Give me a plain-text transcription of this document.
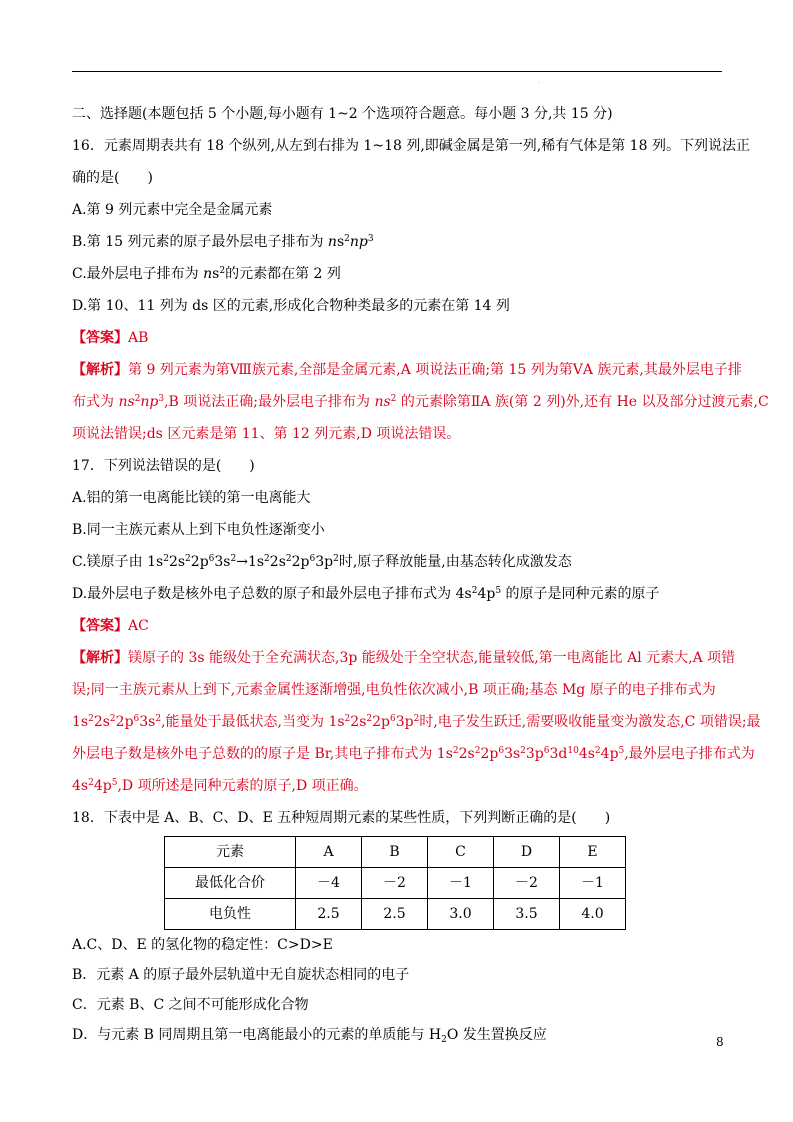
·
二、选择题(本题包括 5 个小题,每小题有 1~2 个选项符合题意。每小题 3 分,共 15 分)
16．元素周期表共有 18 个纵列,从左到右排为 1~18 列,即碱金属是第一列,稀有气体是第 18 列。下列说法正
确的是(　　)
A.第 9 列元素中完全是金属元素
B.第 15 列元素的原子最外层电子排布为 $ns^2np^3$
C.最外层电子排布为 $ns^2$的元素都在第 2 列
D.第 10、11 列为 ds 区的元素,形成化合物种类最多的元素在第 14 列
【答案】AB
【解析】第 9 列元素为第Ⅷ族元素,全部是金属元素,A 项说法正确;第 15 列为第ⅤA 族元素,其最外层电子排
布式为 $ns^2np^3,B$ 项说法正确;最外层电子排布为 $ns^2$ 的元素除第ⅡA 族(第 2 列)外,还有 He 以及部分过渡元素,C
项说法错误;ds 区元素是第 11、第 12 列元素,D 项说法错误。
17．下列说法错误的是(　　)
A.铝的第一电离能比镁的第一电离能大
B.同一主族元素从上到下电负性逐渐变小
C.镁原子由 $1s^22s^22p^63s^2\to 1s^22s^22p^63p^2$时,原子释放能量,由基态转化成激发态
D.最外层电子数是核外电子总数的原子和最外层电子排布式为 $4s^24p^5$ 的原子是同种元素的原子
【答案】AC
【解析】镁原子的 3s 能级处于全充满状态,3p 能级处于全空状态,能量较低,第一电离能比 Al 元素大,A 项错
误;同一主族元素从上到下,元素金属性逐渐增强,电负性依次减小,B 项正确;基态 Mg 原子的电子排布式为
$1s^22s^22p^63s^2$,能量处于最低状态,当变为 $1s^22s^22p^63p^2$时,电子发生跃迁,需要吸收能量变为激发态,C 项错误;最
外层电子数是核外电子总数的的原子是 Br,其电子排布式为 $1s^22s^22p^63s^23p^63d^{10}4s^24p^5$,最外层电子排布式为
$4s^24p^5,D$ 项所述是同种元素的原子,D 项正确。
18．下表中是 A、B、C、D、E 五种短周期元素的某些性质，下列判断正确的是(　　)
元素	A	B	C	D	E
最低化合价	－4	－2	－1	－2	－1
电负性	2.5	2.5	3.0	3.5	4.0
A.C、D、E 的氢化物的稳定性：C>D>E
B．元素 A 的原子最外层轨道中无自旋状态相同的电子
C．元素 B、C 之间不可能形成化合物
D．与元素 B 同周期且第一电离能最小的元素的单质能与 $H_2O$ 发生置换反应	8
